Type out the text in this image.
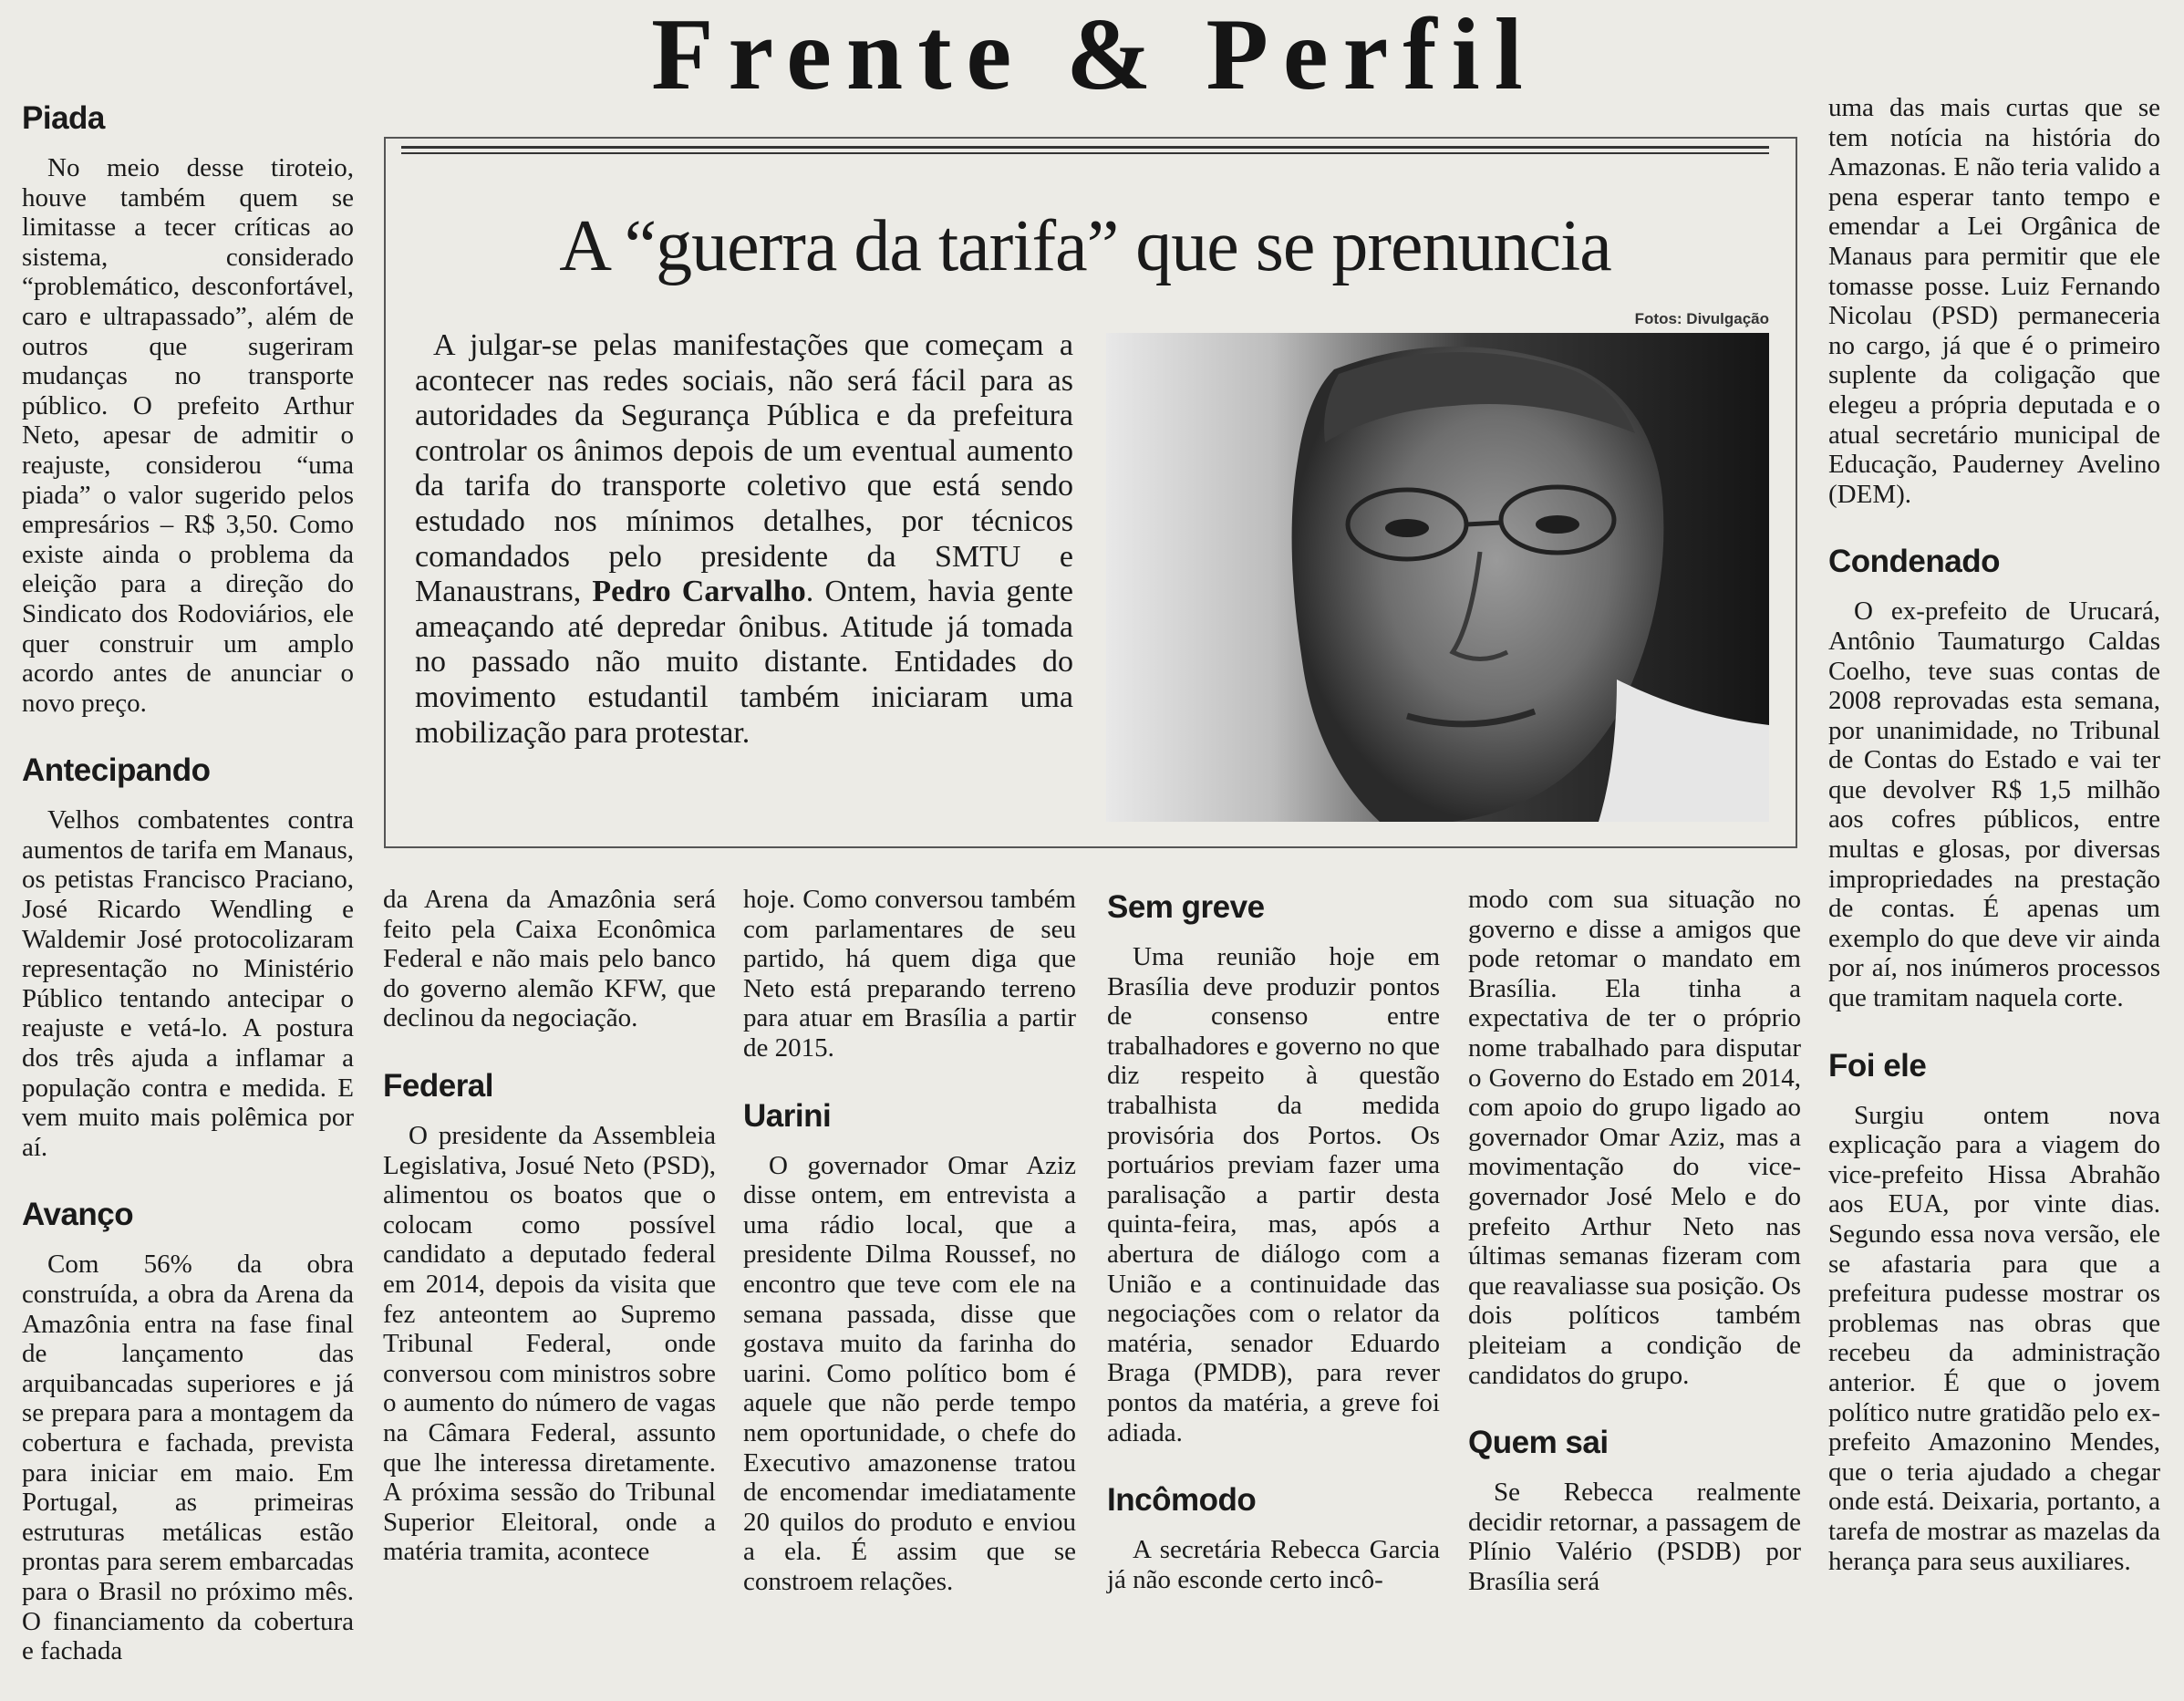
Frente & Perfil
A “guerra da tarifa” que se prenuncia

A julgar-se pelas manifestações que começam a acontecer nas redes sociais, não será fácil para as autoridades da Segurança Pública e da prefeitura controlar os ânimos depois de um eventual aumento da tarifa do transporte coletivo que está sendo estudado nos mínimos detalhes, por técnicos comandados pelo presidente da SMTU e Manaustrans, Pedro Carvalho. Ontem, havia gente ameaçando até depredar ônibus. Atitude já tomada no passado não muito distante. Entidades do movimento estudantil também iniciaram uma mobilização para protestar.

Fotos: Divulgação
Piada

No meio desse tiroteio, houve também quem se limitasse a tecer críticas ao sistema, considerado “problemático, desconfortável, caro e ultrapassado”, além de outros que sugeriram mudanças no transporte público. O prefeito Arthur Neto, apesar de admitir o reajuste, considerou “uma piada” o valor sugerido pelos empresários – R$ 3,50. Como existe ainda o problema da eleição para a direção do Sindicato dos Rodoviários, ele quer construir um amplo acordo antes de anunciar o novo preço.

Antecipando

Velhos combatentes contra aumentos de tarifa em Manaus, os petistas Francisco Praciano, José Ricardo Wendling e Waldemir José protocolizaram representação no Ministério Público tentando antecipar o reajuste e vetá-lo. A postura dos três ajuda a inflamar a população contra e medida. E vem muito mais polêmica por aí.

Avanço

Com 56% da obra construída, a obra da Arena da Amazônia entra na fase final de lançamento das arquibancadas superiores e já se prepara para a montagem da cobertura e fachada, prevista para iniciar em maio. Em Portugal, as primeiras estruturas metálicas estão prontas para serem embarcadas para o Brasil no próximo mês. O financiamento da cobertura e fachada

da Arena da Amazônia será feito pela Caixa Econômica Federal e não mais pelo banco do governo alemão KFW, que declinou da negociação.

Federal

O presidente da Assembleia Legislativa, Josué Neto (PSD), alimentou os boatos que o colocam como possível candidato a deputado federal em 2014, depois da visita que fez anteontem ao Supremo Tribunal Federal, onde conversou com ministros sobre o aumento do número de vagas na Câmara Federal, assunto que lhe interessa diretamente. A próxima sessão do Tribunal Superior Eleitoral, onde a matéria tramita, acontece

hoje. Como conversou também com parlamentares de seu partido, há quem diga que Neto está preparando terreno para atuar em Brasília a partir de 2015.

Uarini

O governador Omar Aziz disse ontem, em entrevista a uma rádio local, que a presidente Dilma Roussef, no encontro que teve com ele na semana passada, disse que gostava muito da farinha do uarini. Como político bom é aquele que não perde tempo nem oportunidade, o chefe do Executivo amazonense tratou de encomendar imediatamente 20 quilos do produto e enviou a ela. É assim que se constroem relações.

Sem greve

Uma reunião hoje em Brasília deve produzir pontos de consenso entre trabalhadores e governo no que diz respeito à questão trabalhista da medida provisória dos Portos. Os portuários previam fazer uma paralisação a partir desta quinta-feira, mas, após a abertura de diálogo com a União e a continuidade das negociações com o relator da matéria, senador Eduardo Braga (PMDB), para rever pontos da matéria, a greve foi adiada.

Incômodo

A secretária Rebecca Garcia já não esconde certo incô-

modo com sua situação no governo e disse a amigos que pode retomar o mandato em Brasília. Ela tinha a expectativa de ter o próprio nome trabalhado para disputar o Governo do Estado em 2014, com apoio do grupo ligado ao governador Omar Aziz, mas a movimentação do vice-governador José Melo e do prefeito Arthur Neto nas últimas semanas fizeram com que reavaliasse sua posição. Os dois políticos também pleiteiam a condição de candidatos do grupo.

Quem sai

Se Rebecca realmente decidir retornar, a passagem de Plínio Valério (PSDB) por Brasília será

uma das mais curtas que se tem notícia na história do Amazonas. E não teria valido a pena esperar tanto tempo e emendar a Lei Orgânica de Manaus para permitir que ele tomasse posse. Luiz Fernando Nicolau (PSD) permaneceria no cargo, já que é o primeiro suplente da coligação que elegeu a própria deputada e o atual secretário municipal de Educação, Pauderney Avelino (DEM).

Condenado

O ex-prefeito de Urucará, Antônio Taumaturgo Caldas Coelho, teve suas contas de 2008 reprovadas esta semana, por unanimidade, no Tribunal de Contas do Estado e vai ter que devolver R$ 1,5 milhão aos cofres públicos, entre multas e glosas, por diversas impropriedades na prestação de contas. É apenas um exemplo do que deve vir ainda por aí, nos inúmeros processos que tramitam naquela corte.

Foi ele

Surgiu ontem nova explicação para a viagem do vice-prefeito Hissa Abrahão aos EUA, por vinte dias. Segundo essa nova versão, ele se afastaria para que a prefeitura pudesse mostrar os problemas nas obras que recebeu da administração anterior. É que o jovem político nutre gratidão pelo ex-prefeito Amazonino Mendes, que o teria ajudado a chegar onde está. Deixaria, portanto, a tarefa de mostrar as mazelas da herança para seus auxiliares.
